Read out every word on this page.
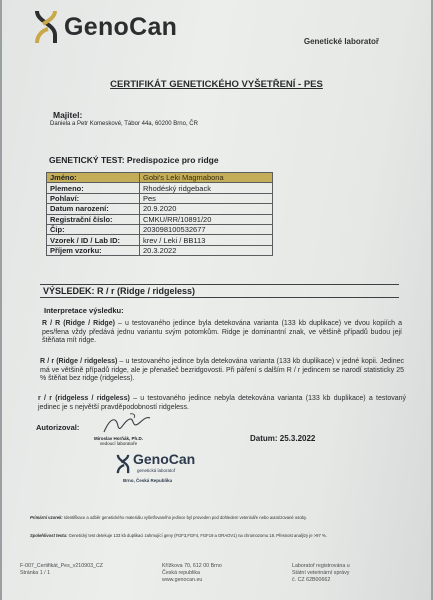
GenoCan
Genetické laboratoř
CERTIFIKÁT GENETICKÉHO VYŠETŘENÍ - PES
Majitel:
Daniela a Petr Komeskové, Tábor 44a, 60200 Brno, ČR
GENETICKÝ TEST: Predispozice pro ridge
Jméno:	Gobi's Leki Magmabona
Plemeno:	Rhodéský ridgeback
Pohlaví:	Pes
Datum narození:	20.9.2020
Registrační číslo:	CMKU/RR/10891/20
Čip:	203098100532677
Vzorek / ID / Lab ID:	krev / Leki / BB113
Příjem vzorku:	20.3.2022
VÝSLEDEK: R / r (Ridge / ridgeless)
Interpretace výsledku:
R / R (Ridge / Ridge) – u testovaného jedince byla detekována varianta (133 kb duplikace) ve dvou kopiích a pes/fena vždy předává jednu variantu svým potomkům. Ridge je dominantní znak, ve většině případů budou její štěňata mít ridge.
R / r (Ridge / ridgeless) – u testovaného jedince byla detekována varianta (133 kb duplikace) v jedné kopii. Jedinec má ve většině případů ridge, ale je přenašeč bezridgovosti. Při páření s dalším R / r jedincem se narodí statisticky 25 % štěňat bez ridge (ridgeless).
r / r (ridgeless / ridgeless) – u testovaného jedince nebyla detekována varianta (133 kb duplikace) a testovaný jedinec je s největší pravděpodobností ridgeless.
Autorizoval:
Miroslav Horňák, Ph.D.
vedoucí laboratoře
Datum: 25.3.2022
GenoCan
genetická laboratoř
Brno, Česká Republika
Primární vzorek: Identifikace a odběr genetického materiálu vyšetřovaného jedince byl proveden pod dohledem veterináře nebo autorizované osoby.
Spolehlivost testu: Genetický test detekuje 133 kb duplikaci zahrnující geny (FGF3,FGF4, FGF19 a ORAOV1) na chromozomu 18. Přesnost analýzy je >97 %.
F-007_Certifikát_Pes_v210903_CZ
Stránka 1 / 1
Křížkova 70, 612 00 Brno
Česká republika
www.genocan.eu
Laboratoř registrována u
Státní veterinární správy
č. CZ 62B00662
